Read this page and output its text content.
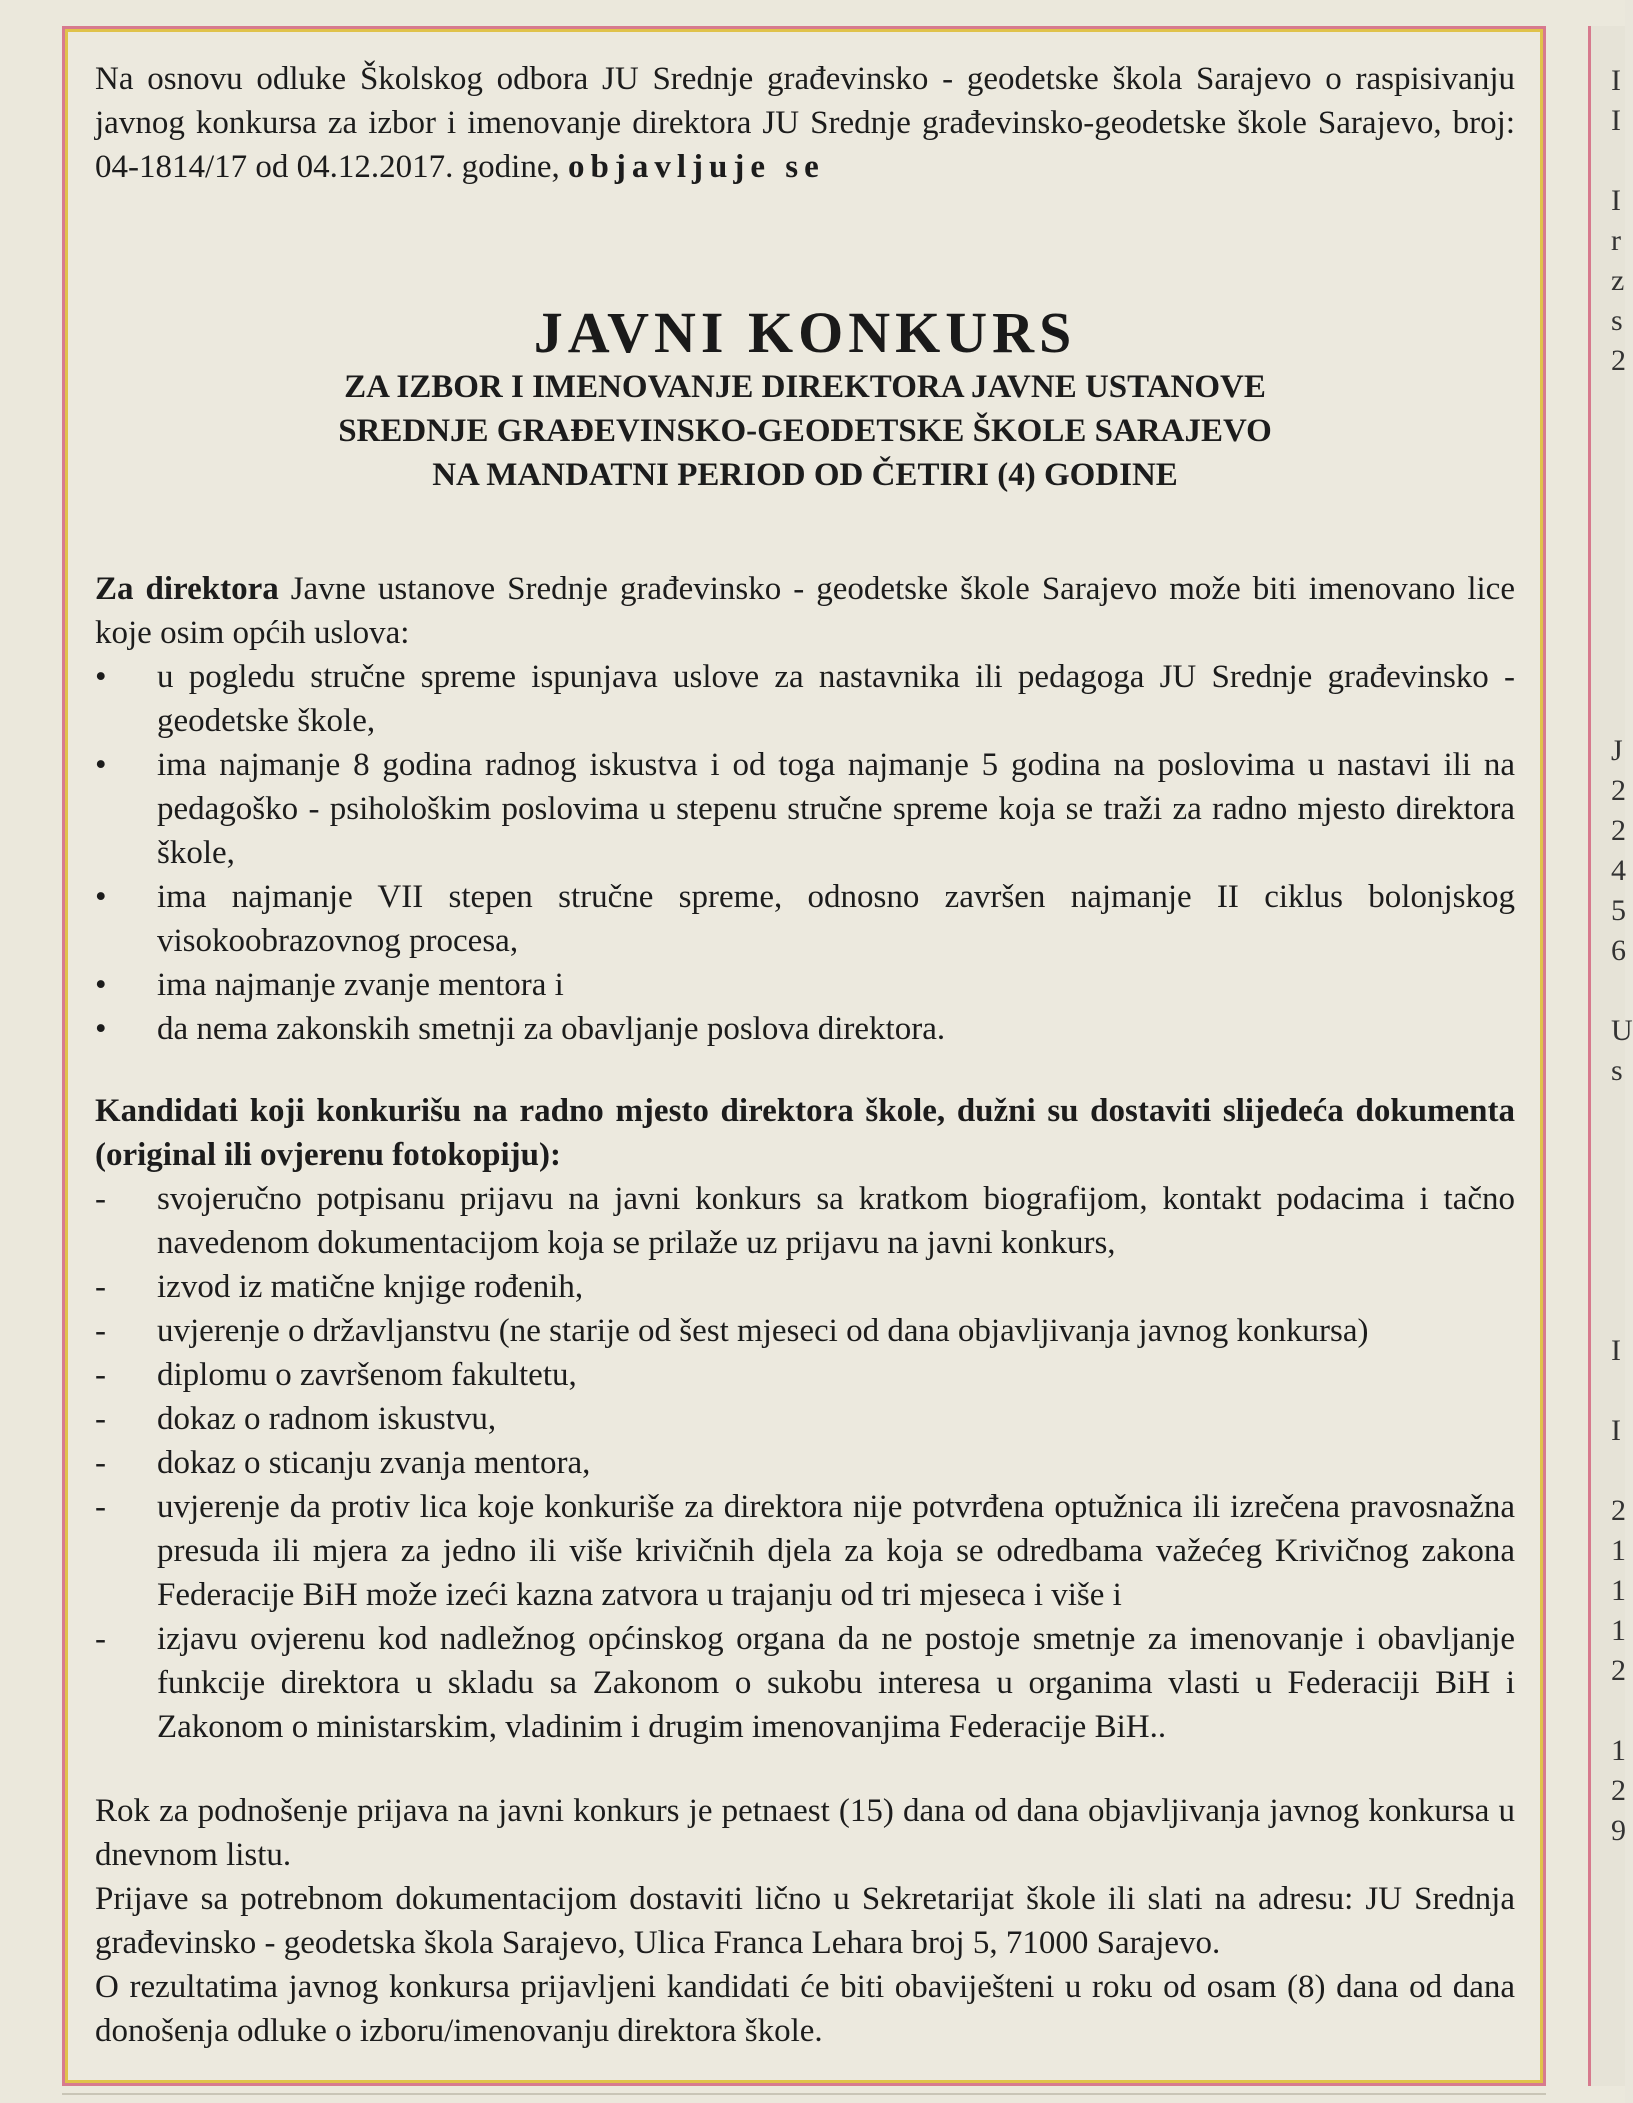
Na osnovu odluke Školskog odbora JU Srednje građevinsko - geodetske škola Sarajevo o raspisivanju javnog konkursa za izbor i imenovanje direktora JU Srednje građevinsko-geodetske škole Sarajevo, broj: 04-1814/17 od 04.12.2017. godine, objavljuje se

JAVNI KONKURS

ZA IZBOR I IMENOVANJE DIREKTORA JAVNE USTANOVE

SREDNJE GRAĐEVINSKO-GEODETSKE ŠKOLE SARAJEVO

NA MANDATNI PERIOD OD ČETIRI (4) GODINE

Za direktora Javne ustanove Srednje građevinsko - geodetske škole Sarajevo može biti imenovano lice koje osim općih uslova:

•	u pogledu stručne spreme ispunjava uslove za nastavnika ili pedagoga JU Srednje građevinsko - geodetske škole,
•	ima najmanje 8 godina radnog iskustva i od toga najmanje 5 godina na poslovima u nastavi ili na pedagoško - psihološkim poslovima u stepenu stručne spreme koja se traži za radno mjesto direktora škole,
•	ima najmanje VII stepen stručne spreme, odnosno završen najmanje II ciklus bolonjskog visokoobrazovnog procesa,
•	ima najmanje zvanje mentora i
•	da nema zakonskih smetnji za obavljanje poslova direktora.

Kandidati koji konkurišu na radno mjesto direktora škole, dužni su dostaviti slijedeća dokumenta (original ili ovjerenu fotokopiju):

-	svojeručno potpisanu prijavu na javni konkurs sa kratkom biografijom, kontakt podacima i tačno navedenom dokumentacijom koja se prilaže uz prijavu na javni konkurs,
-	izvod iz matične knjige rođenih,
-	uvjerenje o državljanstvu (ne starije od šest mjeseci od dana objavljivanja javnog konkursa)
-	diplomu o završenom fakultetu,
-	dokaz o radnom iskustvu,
-	dokaz o sticanju zvanja mentora,
-	uvjerenje da protiv lica koje konkuriše za direktora nije potvrđena optužnica ili izrečena pravosnažna presuda ili mjera za jedno ili više krivičnih djela za koja se odredbama važećeg Krivičnog zakona Federacije BiH može izeći kazna zatvora u trajanju od tri mjeseca i više i
-	izjavu ovjerenu kod nadležnog općinskog organa da ne postoje smetnje za imenovanje i obavljanje funkcije direktora u skladu sa Zakonom o sukobu interesa u organima vlasti u Federaciji BiH i Zakonom o ministarskim, vladinim i drugim imenovanjima Federacije BiH..

Rok za podnošenje prijava na javni konkurs je petnaest (15) dana od dana objavljivanja javnog konkursa u dnevnom listu.

Prijave sa potrebnom dokumentacijom dostaviti lično u Sekretarijat škole ili slati na adresu: JU Srednja građevinsko - geodetska škola Sarajevo, Ulica Franca Lehara broj 5, 71000 Sarajevo.

O rezultatima javnog konkursa prijavljeni kandidati će biti obaviješteni u roku od osam (8) dana od dana donošenja odluke o izboru/imenovanju direktora škole.

I
I
I
r
z
s
2
J
2
2
4
5
6
U
s
I
I
2
1
1
1
2
1
2
9
